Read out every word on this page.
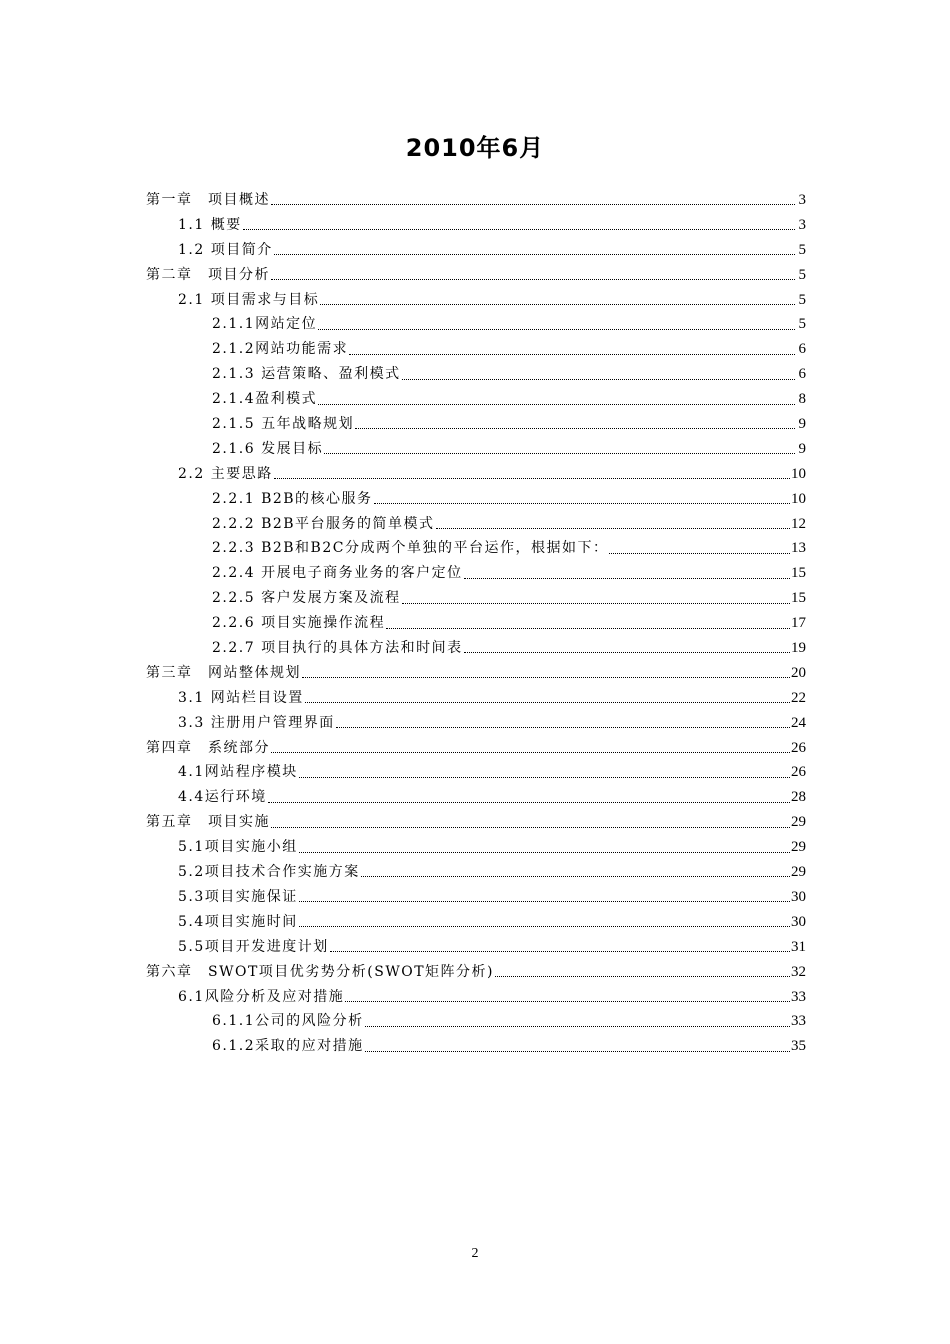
2010年6月
第一章　项目概述	3
1.1 概要	3
1.2 项目简介	5
第二章　项目分析	5
2.1 项目需求与目标	5
2.1.1网站定位	5
2.1.2网站功能需求	6
2.1.3 运营策略、盈利模式	6
2.1.4盈利模式	8
2.1.5 五年战略规划	9
2.1.6 发展目标	9
2.2 主要思路	10
2.2.1 B2B的核心服务	10
2.2.2 B2B平台服务的简单模式	12
2.2.3 B2B和B2C分成两个单独的平台运作，根据如下：	13
2.2.4 开展电子商务业务的客户定位	15
2.2.5 客户发展方案及流程	15
2.2.6 项目实施操作流程	17
2.2.7 项目执行的具体方法和时间表	19
第三章　网站整体规划	20
3.1 网站栏目设置	22
3.3 注册用户管理界面	24
第四章　系统部分	26
4.1网站程序模块	26
4.4运行环境	28
第五章　项目实施	29
5.1项目实施小组	29
5.2项目技术合作实施方案	29
5.3项目实施保证	30
5.4项目实施时间	30
5.5项目开发进度计划	31
第六章　SWOT项目优劣势分析(SWOT矩阵分析)	32
6.1风险分析及应对措施	33
6.1.1公司的风险分析	33
6.1.2采取的应对措施	35
2
